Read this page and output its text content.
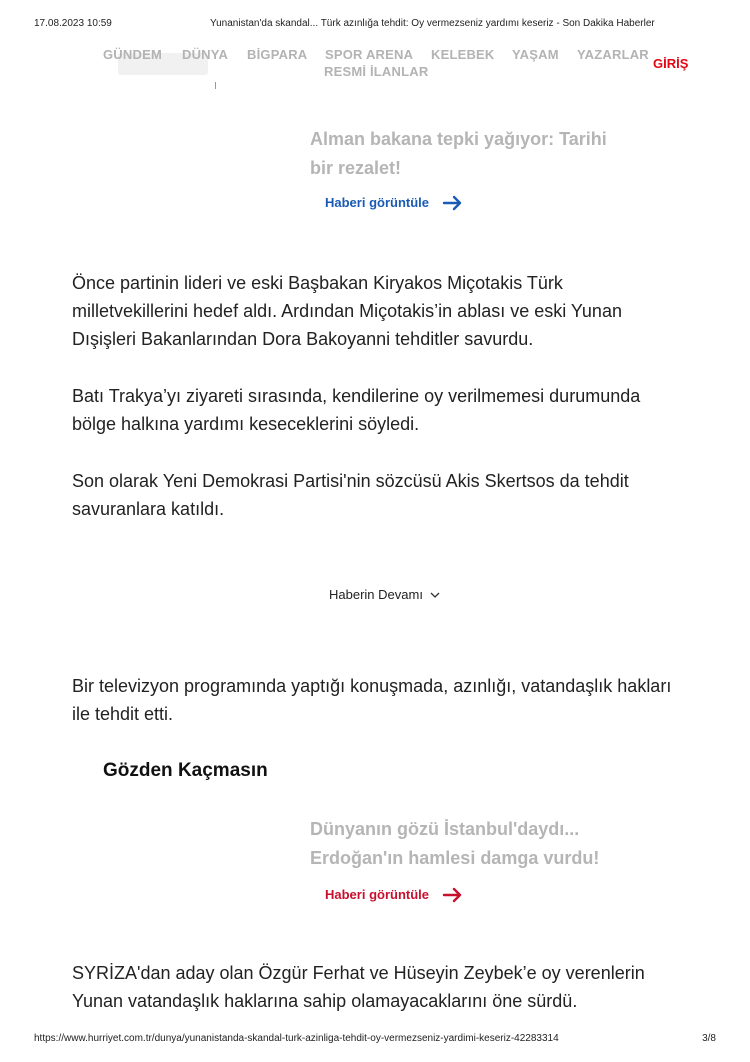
17.08.2023 10:59	Yunanistan'da skandal... Türk azınlığa tehdit: Oy vermezseniz yardımı keseriz - Son Dakika Haberler
GÜNDEM DÜNYA BİGPARA SPOR ARENA KELEBEK YAŞAM YAZARLAR
RESMİ İLANLAR
GİRİŞ
Alman bakana tepki yağıyor: Tarihi
bir rezalet!
Haberi görüntüle

Önce partinin lideri ve eski Başbakan Kiryakos Miçotakis Türk milletvekillerini hedef aldı. Ardından Miçotakis’in ablası ve eski Yunan Dışişleri Bakanlarından Dora Bakoyanni tehditler savurdu.

Batı Trakya’yı ziyareti sırasında, kendilerine oy verilmemesi durumunda bölge halkına yardımı keseceklerini söyledi.

Son olarak Yeni Demokrasi Partisi'nin sözcüsü Akis Skertsos da tehdit savuranlara katıldı.

Haberin Devamı

Bir televizyon programında yaptığı konuşmada, azınlığı, vatandaşlık hakları ile tehdit etti.

Gözden Kaçmasın
Dünyanın gözü İstanbul'daydı...
Erdoğan'ın hamlesi damga vurdu!
Haberi görüntüle

SYRİZA'dan aday olan Özgür Ferhat ve Hüseyin Zeybek’e oy verenlerin Yunan vatandaşlık haklarına sahip olamayacaklarını öne sürdü.

https://www.hurriyet.com.tr/dunya/yunanistanda-skandal-turk-azinliga-tehdit-oy-vermezseniz-yardimi-keseriz-42283314	3/8
